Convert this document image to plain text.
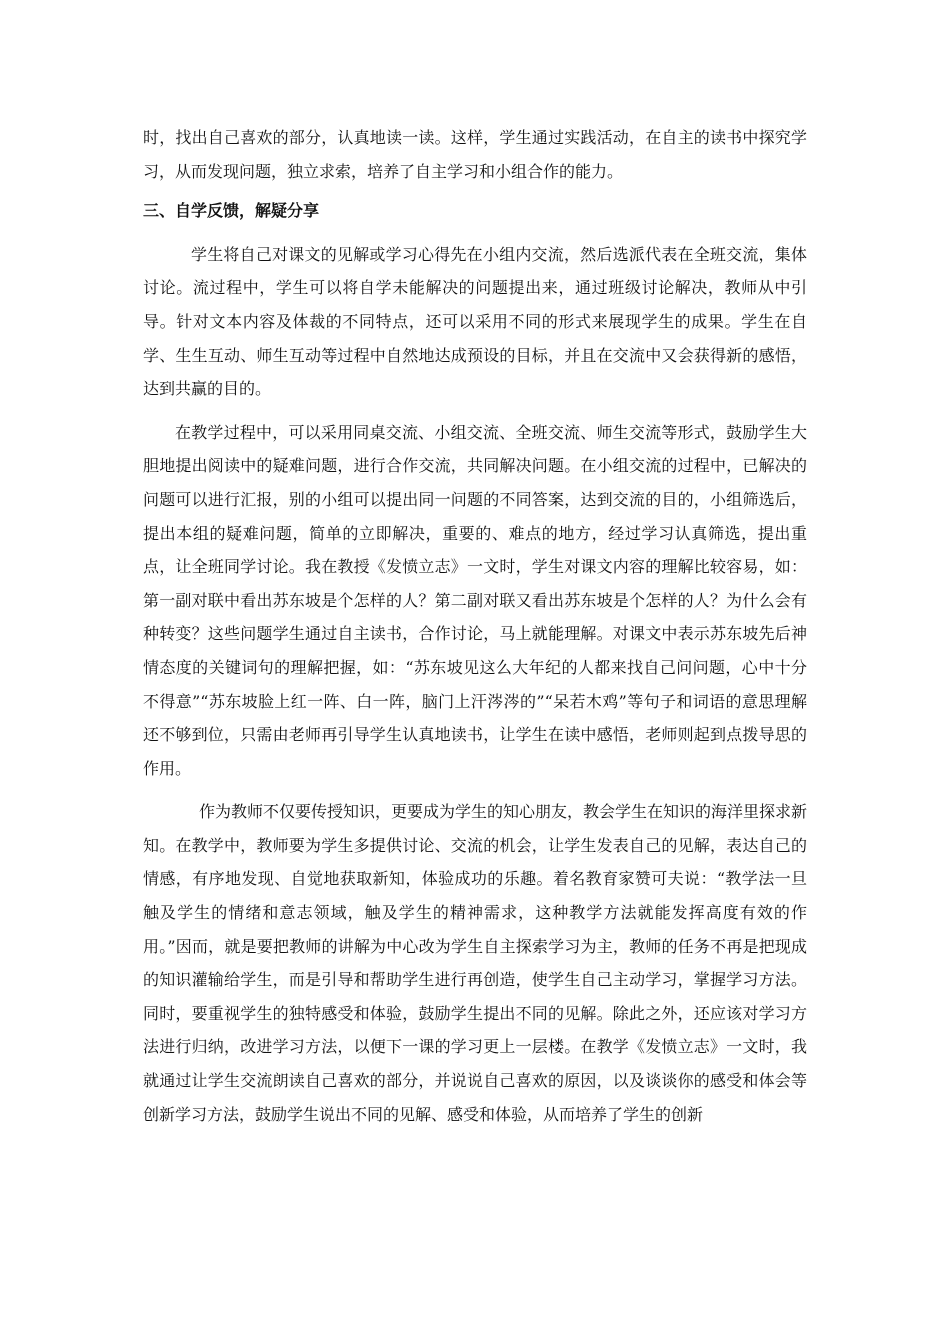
时，找出自己喜欢的部分，认真地读一读。这样，学生通过实践活动，在自主的读书中探究学习，从而发现问题，独立求索，培养了自主学习和小组合作的能力。

三、自学反馈，解疑分享

学生将自己对课文的见解或学习心得先在小组内交流，然后选派代表在全班交流，集体讨论。流过程中，学生可以将自学未能解决的问题提出来，通过班级讨论解决，教师从中引导。针对文本内容及体裁的不同特点，还可以采用不同的形式来展现学生的成果。学生在自学、生生互动、师生互动等过程中自然地达成预设的目标，并且在交流中又会获得新的感悟，达到共赢的目的。

在教学过程中，可以采用同桌交流、小组交流、全班交流、师生交流等形式，鼓励学生大胆地提出阅读中的疑难问题，进行合作交流，共同解决问题。在小组交流的过程中，已解决的问题可以进行汇报，别的小组可以提出同一问题的不同答案，达到交流的目的，小组筛选后，提出本组的疑难问题，简单的立即解决，重要的、难点的地方，经过学习认真筛选，提出重点，让全班同学讨论。我在教授《发愤立志》一文时，学生对课文内容的理解比较容易，如：第一副对联中看出苏东坡是个怎样的人？第二副对联又看出苏东坡是个怎样的人？为什么会有种转变？这些问题学生通过自主读书，合作讨论，马上就能理解。对课文中表示苏东坡先后神情态度的关键词句的理解把握，如：“苏东坡见这么大年纪的人都来找自己问问题，心中十分不得意”“苏东坡脸上红一阵、白一阵，脑门上汗涔涔的”“呆若木鸡”等句子和词语的意思理解还不够到位，只需由老师再引导学生认真地读书，让学生在读中感悟，老师则起到点拨导思的作用。

作为教师不仅要传授知识，更要成为学生的知心朋友，教会学生在知识的海洋里探求新知。在教学中，教师要为学生多提供讨论、交流的机会，让学生发表自己的见解，表达自己的情感，有序地发现、自觉地获取新知，体验成功的乐趣。着名教育家赞可夫说：“教学法一旦触及学生的情绪和意志领域，触及学生的精神需求，这种教学方法就能发挥高度有效的作用。”因而，就是要把教师的讲解为中心改为学生自主探索学习为主，教师的任务不再是把现成的知识灌输给学生，而是引导和帮助学生进行再创造，使学生自己主动学习，掌握学习方法。同时，要重视学生的独特感受和体验，鼓励学生提出不同的见解。除此之外，还应该对学习方法进行归纳，改进学习方法，以便下一课的学习更上一层楼。在教学《发愤立志》一文时，我就通过让学生交流朗读自己喜欢的部分，并说说自己喜欢的原因，以及谈谈你的感受和体会等创新学习方法，鼓励学生说出不同的见解、感受和体验，从而培养了学生的创新
